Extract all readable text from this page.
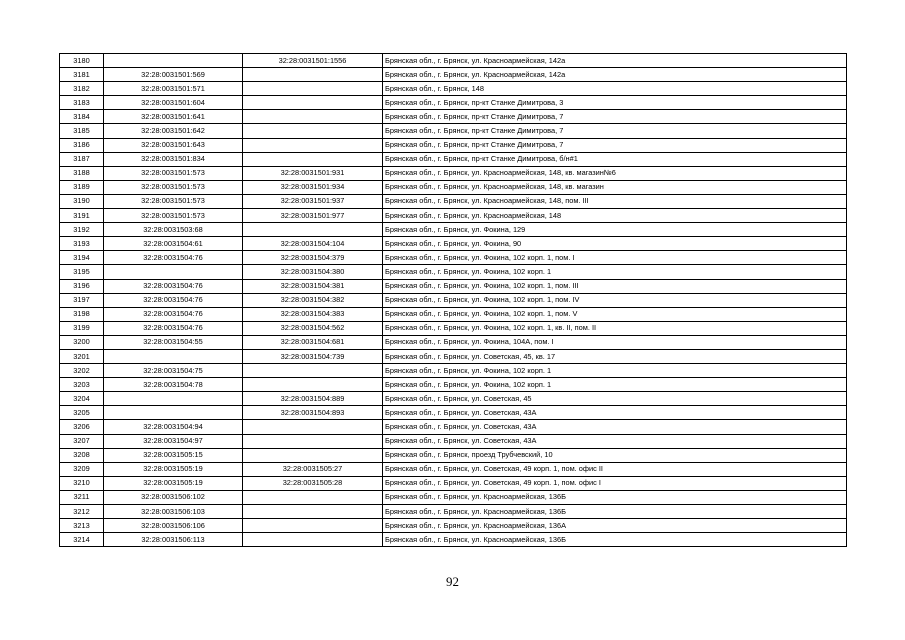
3180		32:28:0031501:1556	Брянская обл., г. Брянск, ул. Красноармейская, 142а
3181	32:28:0031501:569		Брянская обл., г. Брянск, ул. Красноармейская, 142а
3182	32:28:0031501:571		Брянская обл., г. Брянск, 148
3183	32:28:0031501:604		Брянская обл., г. Брянск, пр-кт Станке Димитрова, 3
3184	32:28:0031501:641		Брянская обл., г. Брянск, пр-кт Станке Димитрова, 7
3185	32:28:0031501:642		Брянская обл., г. Брянск, пр-кт Станке Димитрова, 7
3186	32:28:0031501:643		Брянская обл., г. Брянск, пр-кт Станке Димитрова, 7
3187	32:28:0031501:834		Брянская обл., г. Брянск, пр-кт Станке Димитрова, б/н#1
3188	32:28:0031501:573	32:28:0031501:931	Брянская обл., г. Брянск, ул. Красноармейская, 148, кв. магазин№6
3189	32:28:0031501:573	32:28:0031501:934	Брянская обл., г. Брянск, ул. Красноармейская, 148, кв. магазин
3190	32:28:0031501:573	32:28:0031501:937	Брянская обл., г. Брянск, ул. Красноармейская, 148, пом. III
3191	32:28:0031501:573	32:28:0031501:977	Брянская обл., г. Брянск, ул. Красноармейская, 148
3192	32:28:0031503:68		Брянская обл., г. Брянск, ул. Фокина, 129
3193	32:28:0031504:61	32:28:0031504:104	Брянская обл., г. Брянск, ул. Фокина, 90
3194	32:28:0031504:76	32:28:0031504:379	Брянская обл., г. Брянск, ул. Фокина, 102 корп. 1, пом. I
3195		32:28:0031504:380	Брянская обл., г. Брянск, ул. Фокина, 102 корп. 1
3196	32:28:0031504:76	32:28:0031504:381	Брянская обл., г. Брянск, ул. Фокина, 102 корп. 1, пом. III
3197	32:28:0031504:76	32:28:0031504:382	Брянская обл., г. Брянск, ул. Фокина, 102 корп. 1, пом. IV
3198	32:28:0031504:76	32:28:0031504:383	Брянская обл., г. Брянск, ул. Фокина, 102 корп. 1, пом. V
3199	32:28:0031504:76	32:28:0031504:562	Брянская обл., г. Брянск, ул. Фокина, 102 корп. 1, кв. II, пом. II
3200	32:28:0031504:55	32:28:0031504:681	Брянская обл., г. Брянск, ул. Фокина, 104А, пом. I
3201		32:28:0031504:739	Брянская обл., г. Брянск, ул. Советская, 45, кв. 17
3202	32:28:0031504:75		Брянская обл., г. Брянск, ул. Фокина, 102 корп. 1
3203	32:28:0031504:78		Брянская обл., г. Брянск, ул. Фокина, 102 корп. 1
3204		32:28:0031504:889	Брянская обл., г. Брянск, ул. Советская, 45
3205		32:28:0031504:893	Брянская обл., г. Брянск, ул. Советская, 43А
3206	32:28:0031504:94		Брянская обл., г. Брянск, ул. Советская, 43А
3207	32:28:0031504:97		Брянская обл., г. Брянск, ул. Советская, 43А
3208	32:28:0031505:15		Брянская обл., г. Брянск, проезд Трубчевский, 10
3209	32:28:0031505:19	32:28:0031505:27	Брянская обл., г. Брянск, ул. Советская, 49 корп. 1, пом. офис II
3210	32:28:0031505:19	32:28:0031505:28	Брянская обл., г. Брянск, ул. Советская, 49 корп. 1, пом. офис I
3211	32:28:0031506:102		Брянская обл., г. Брянск, ул. Красноармейская, 136Б
3212	32:28:0031506:103		Брянская обл., г. Брянск, ул. Красноармейская, 136Б
3213	32:28:0031506:106		Брянская обл., г. Брянск, ул. Красноармейская, 136А
3214	32:28:0031506:113		Брянская обл., г. Брянск, ул. Красноармейская, 136Б
92
